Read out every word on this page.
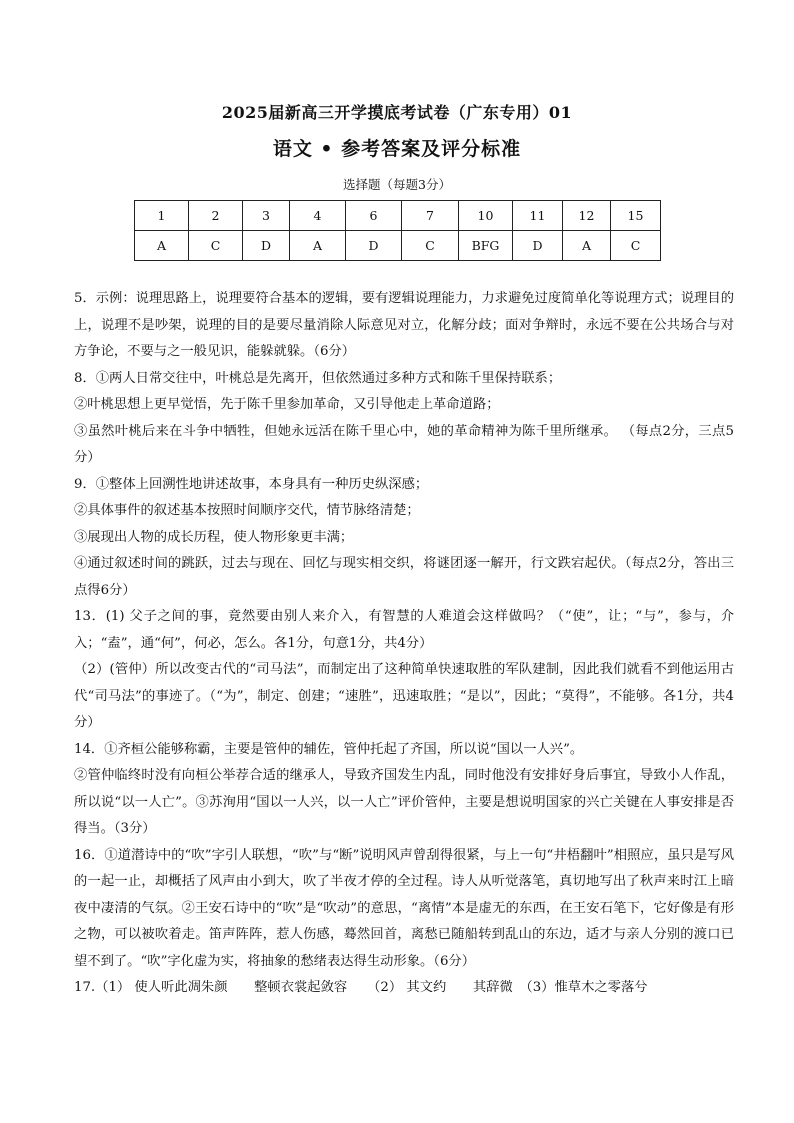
2025届新高三开学摸底考试卷（广东专用）01
语文 • 参考答案及评分标准
选择题（每题3分）
1	2	3	4	6	7	10	11	12	15
A	C	D	A	D	C	BFG	D	A	C

5．示例：说理思路上，说理要符合基本的逻辑，要有逻辑说理能力，力求避免过度简单化等说理方式；说理目的上，说理不是吵架，说理的目的是要尽量消除人际意见对立，化解分歧；面对争辩时，永远不要在公共场合与对方争论，不要与之一般见识，能躲就躲。（6分）

8．①两人日常交往中，叶桃总是先离开，但依然通过多种方式和陈千里保持联系；

②叶桃思想上更早觉悟，先于陈千里参加革命，又引导他走上革命道路；

③虽然叶桃后来在斗争中牺牲，但她永远活在陈千里心中，她的革命精神为陈千里所继承。 （每点2分，三点5分）

9．①整体上回溯性地讲述故事，本身具有一种历史纵深感；

②具体事件的叙述基本按照时间顺序交代，情节脉络清楚；

③展现出人物的成长历程，使人物形象更丰满；

④通过叙述时间的跳跃，过去与现在、回忆与现实相交织，将谜团逐一解开，行文跌宕起伏。（每点2分，答出三点得6分）

13．(1) 父子之间的事，竟然要由别人来介入，有智慧的人难道会这样做吗？（“使”，让；“与”，参与，介入；“盍”，通“何”，何必，怎么。各1分，句意1分，共4分）

（2）(管仲）所以改变古代的“司马法”，而制定出了这种简单快速取胜的军队建制，因此我们就看不到他运用古代“司马法”的事迹了。（“为”，制定、创建；“速胜”，迅速取胜；“是以”，因此；“莫得”，不能够。各1分，共4分）

14．①齐桓公能够称霸，主要是管仲的辅佐，管仲托起了齐国，所以说“国以一人兴”。

②管仲临终时没有向桓公举荐合适的继承人，导致齐国发生内乱，同时他没有安排好身后事宜，导致小人作乱，所以说“以一人亡”。③苏洵用“国以一人兴，以一人亡”评价管仲，主要是想说明国家的兴亡关键在人事安排是否得当。（3分）

16．①道潜诗中的“吹”字引人联想，“吹”与“断”说明风声曾刮得很紧，与上一句“井梧翻叶”相照应，虽只是写风的一起一止，却概括了风声由小到大，吹了半夜才停的全过程。诗人从听觉落笔，真切地写出了秋声来时江上暗夜中凄清的气氛。②王安石诗中的“吹”是“吹动”的意思，“离情”本是虚无的东西，在王安石笔下，它好像是有形之物，可以被吹着走。笛声阵阵，惹人伤感，蓦然回首，离愁已随船转到乱山的东边，适才与亲人分别的渡口已望不到了。“吹”字化虚为实，将抽象的愁绪表达得生动形象。（6分）

17.（1） 使人听此凋朱颜　　整顿衣裳起敛容　　（2） 其文约　　其辞微　（3）惟草木之零落兮
